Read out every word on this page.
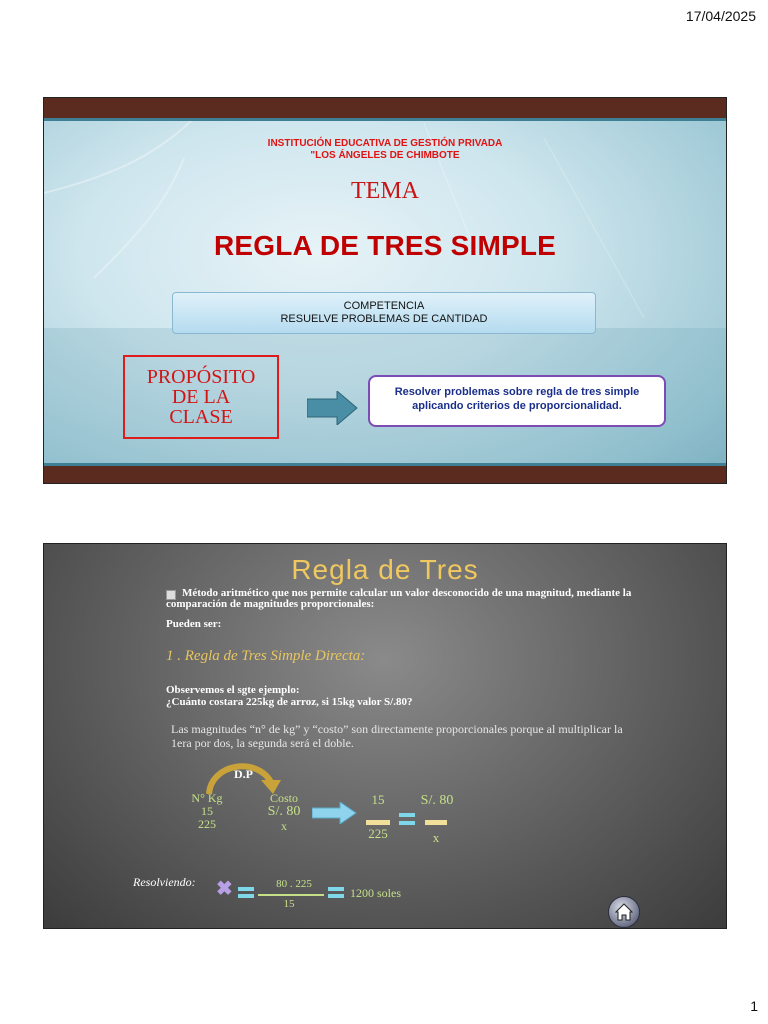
17/04/2025
INSTITUCIÓN EDUCATIVA DE GESTIÓN PRIVADA
"LOS ÁNGELES DE CHIMBOTE
TEMA
REGLA DE TRES SIMPLE
COMPETENCIA
RESUELVE PROBLEMAS DE CANTIDAD
PROPÓSITO
DE LA
CLASE
Resolver problemas sobre regla de tres simple
aplicando criterios de proporcionalidad.
Regla de Tres
Método aritmético que nos permite calcular un valor desconocido de una magnitud, mediante la comparación de magnitudes proporcionales:
Pueden ser:
1 . Regla de Tres Simple Directa:
Observemos el sgte ejemplo:
¿Cuánto costara 225kg de arroz, si 15kg valor S/.80?
Las magnitudes “n° de kg” y “costo” son directamente proporcionales porque al multiplicar la 1era por dos, la segunda será el doble.
D.P
N° Kg
15
225
Costo
S/. 80
x
15
225
S/. 80
x
Resolviendo: ✖	80 . 225
15
1200 soles
1
